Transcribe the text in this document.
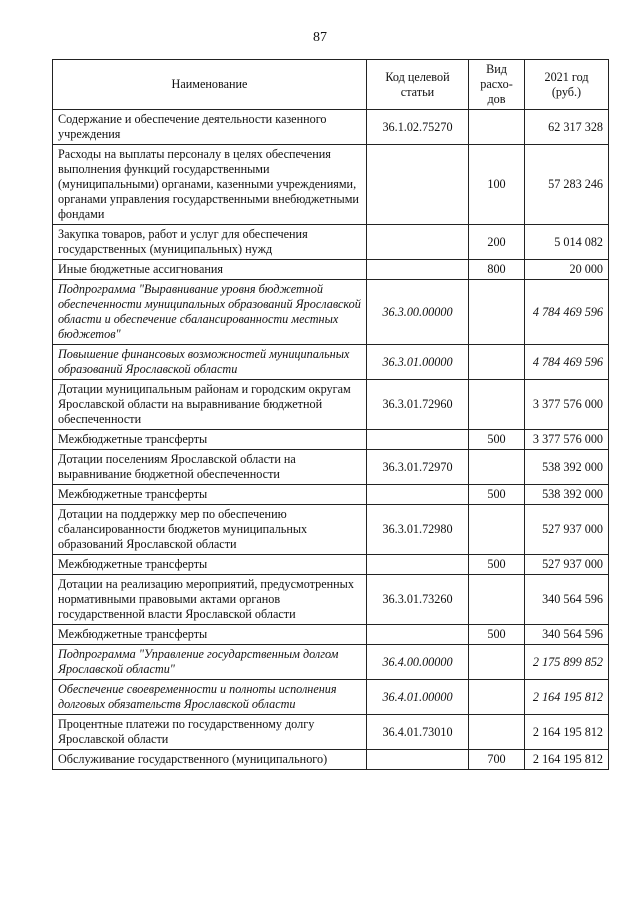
87
Наименование	Код целевой статьи	Вид расхо-дов	2021 год (руб.)
Содержание и обеспечение деятельности казенного учреждения	36.1.02.75270		62 317 328
Расходы на выплаты персоналу в целях обеспечения выполнения функций государственными (муниципальными) органами, казенными учреждениями, органами управления государственными внебюджетными фондами		100	57 283 246
Закупка товаров, работ и услуг для обеспечения государственных (муниципальных) нужд		200	5 014 082
Иные бюджетные ассигнования		800	20 000
Подпрограмма "Выравнивание уровня бюджетной обеспеченности муниципальных образований Ярославской области и обеспечение сбалансированности местных бюджетов"	36.3.00.00000		4 784 469 596
Повышение финансовых возможностей муниципальных образований Ярославской области	36.3.01.00000		4 784 469 596
Дотации муниципальным районам и городским округам Ярославской области на выравнивание бюджетной обеспеченности	36.3.01.72960		3 377 576 000
Межбюджетные трансферты		500	3 377 576 000
Дотации поселениям Ярославской области на выравнивание бюджетной обеспеченности	36.3.01.72970		538 392 000
Межбюджетные трансферты		500	538 392 000
Дотации на поддержку мер по обеспечению сбалансированности бюджетов муниципальных образований Ярославской области	36.3.01.72980		527 937 000
Межбюджетные трансферты		500	527 937 000
Дотации на реализацию мероприятий, предусмотренных нормативными правовыми актами органов государственной власти Ярославской области	36.3.01.73260		340 564 596
Межбюджетные трансферты		500	340 564 596
Подпрограмма "Управление государственным долгом Ярославской области"	36.4.00.00000		2 175 899 852
Обеспечение своевременности и полноты исполнения долговых обязательств Ярославской области	36.4.01.00000		2 164 195 812
Процентные платежи по государственному долгу Ярославской области	36.4.01.73010		2 164 195 812
Обслуживание государственного (муниципального)		700	2 164 195 812
